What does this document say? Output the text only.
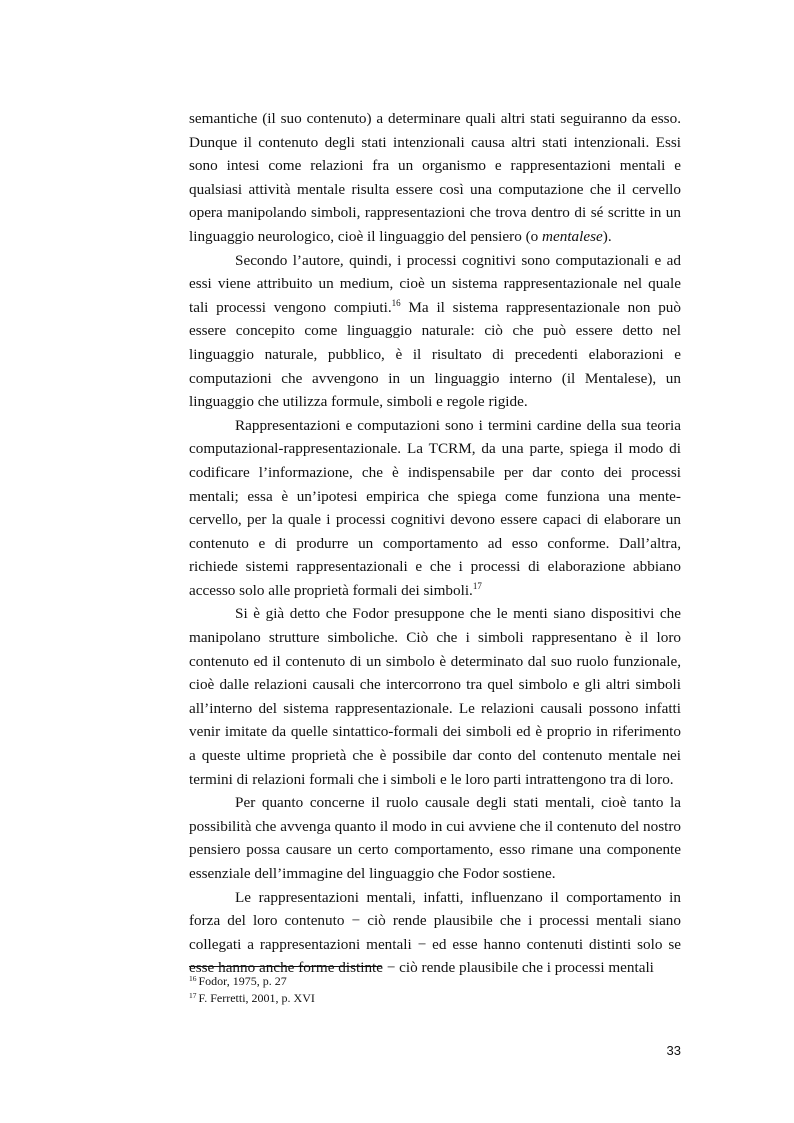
semantiche (il suo contenuto) a determinare quali altri stati seguiranno da esso. Dunque il contenuto degli stati intenzionali causa altri stati intenzionali. Essi sono intesi come relazioni fra un organismo e rappresentazioni mentali e qualsiasi attività mentale risulta essere così una computazione che il cervello opera manipolando simboli, rappresentazioni che trova dentro di sé scritte in un linguaggio neurologico, cioè il linguaggio del pensiero (o mentalese).

Secondo l’autore, quindi, i processi cognitivi sono computazionali e ad essi viene attribuito un medium, cioè un sistema rappresentazionale nel quale tali processi vengono compiuti.$^{16}$ Ma il sistema rappresentazionale non può essere concepito come linguaggio naturale: ciò che può essere detto nel linguaggio naturale, pubblico, è il risultato di precedenti elaborazioni e computazioni che avvengono in un linguaggio interno (il Mentalese), un linguaggio che utilizza formule, simboli e regole rigide.

Rappresentazioni e computazioni sono i termini cardine della sua teoria computazional-rappresentazionale. La TCRM, da una parte, spiega il modo di codificare l’informazione, che è indispensabile per dar conto dei processi mentali; essa è un’ipotesi empirica che spiega come funziona una mente-cervello, per la quale i processi cognitivi devono essere capaci di elaborare un contenuto e di produrre un comportamento ad esso conforme. Dall’altra, richiede sistemi rappresentazionali e che i processi di elaborazione abbiano accesso solo alle proprietà formali dei simboli.$^{17}$

Si è già detto che Fodor presuppone che le menti siano dispositivi che manipolano strutture simboliche. Ciò che i simboli rappresentano è il loro contenuto ed il contenuto di un simbolo è determinato dal suo ruolo funzionale, cioè dalle relazioni causali che intercorrono tra quel simbolo e gli altri simboli all’interno del sistema rappresentazionale. Le relazioni causali possono infatti venir imitate da quelle sintattico-formali dei simboli ed è proprio in riferimento a queste ultime proprietà che è possibile dar conto del contenuto mentale nei termini di relazioni formali che i simboli e le loro parti intrattengono tra di loro.

Per quanto concerne il ruolo causale degli stati mentali, cioè tanto la possibilità che avvenga quanto il modo in cui avviene che il contenuto del nostro pensiero possa causare un certo comportamento, esso rimane una componente essenziale dell’immagine del linguaggio che Fodor sostiene.

Le rappresentazioni mentali, infatti, influenzano il comportamento in forza del loro contenuto − ciò rende plausibile che i processi mentali siano collegati a rappresentazioni mentali − ed esse hanno contenuti distinti solo se esse hanno anche forme distinte − ciò rende plausibile che i processi mentali

$^{16}$ Fodor, 1975, p. 27
$^{17}$ F. Ferretti, 2001, p. XVI
33
